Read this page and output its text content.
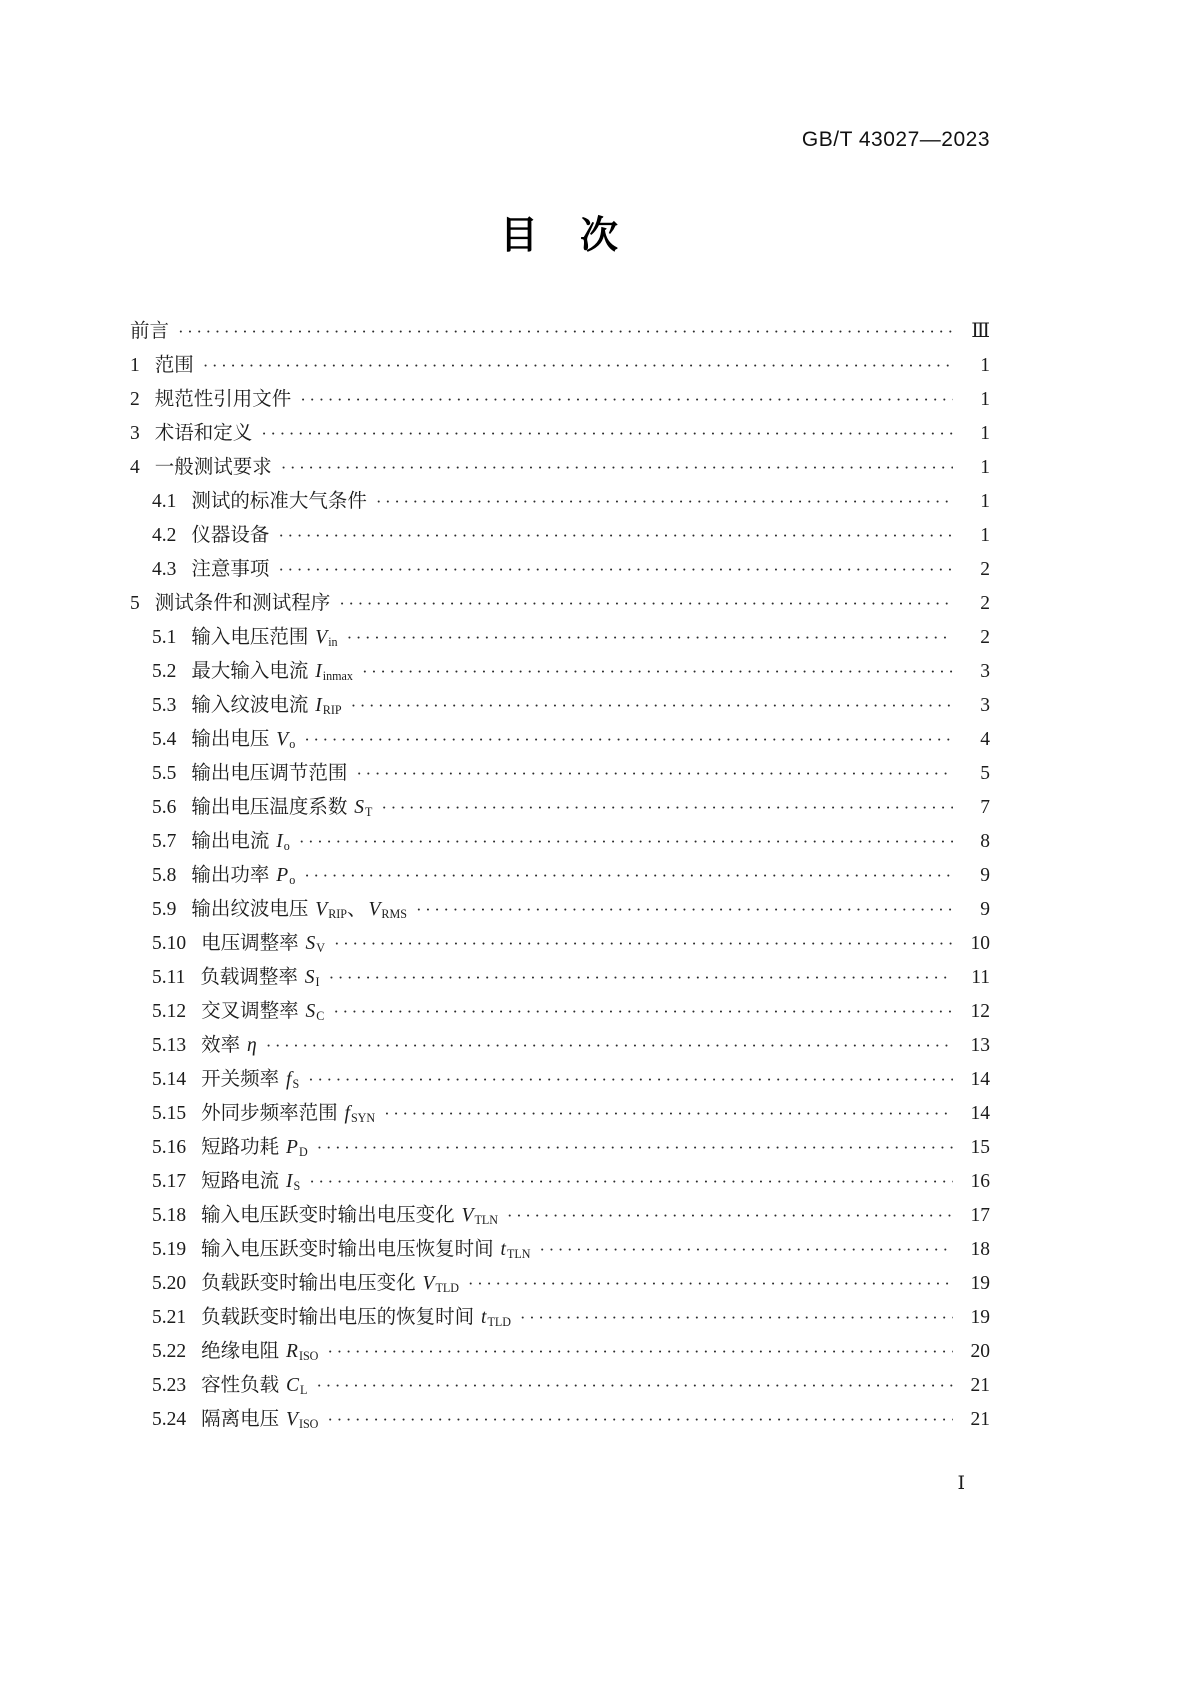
GB/T 43027—2023
目　次
前言 ·····	Ⅲ
1 范围 ·····	1
2 规范性引用文件 ·····	1
3 术语和定义 ·····	1
4 一般测试要求 ·····	1
4.1 测试的标准大气条件 ·····	1
4.2 仪器设备 ·····	1
4.3 注意事项 ·····	2
5 测试条件和测试程序 ·····	2
5.1 输入电压范围 $V_{in}$ ·····	2
5.2 最大输入电流 $I_{inmax}$ ·····	3
5.3 输入纹波电流 $I_{RIP}$ ·····	3
5.4 输出电压 $V_o$ ·····	4
5.5 输出电压调节范围 ·····	5
5.6 输出电压温度系数 $S_T$ ·····	7
5.7 输出电流 $I_o$ ·····	8
5.8 输出功率 $P_o$ ·····	9
5.9 输出纹波电压 $V_{RIP}$、 $V_{RMS}$ ·····	9
5.10 电压调整率 $S_V$ ·····	10
5.11 负载调整率 $S_I$ ·····	11
5.12 交叉调整率 $S_C$ ·····	12
5.13 效率 η ·····	13
5.14 开关频率 $f_S$ ·····	14
5.15 外同步频率范围 $f_{SYN}$ ·····	14
5.16 短路功耗 $P_D$ ·····	15
5.17 短路电流 $I_S$ ·····	16
5.18 输入电压跃变时输出电压变化 $V_{TLN}$ ·····	17
5.19 输入电压跃变时输出电压恢复时间 $t_{TLN}$ ·····	18
5.20 负载跃变时输出电压变化 $V_{TLD}$ ·····	19
5.21 负载跃变时输出电压的恢复时间 $t_{TLD}$ ·····	19
5.22 绝缘电阻 $R_{ISO}$ ·····	20
5.23 容性负载 $C_L$ ·····	21
5.24 隔离电压 $V_{ISO}$ ·····	21
Ⅰ
